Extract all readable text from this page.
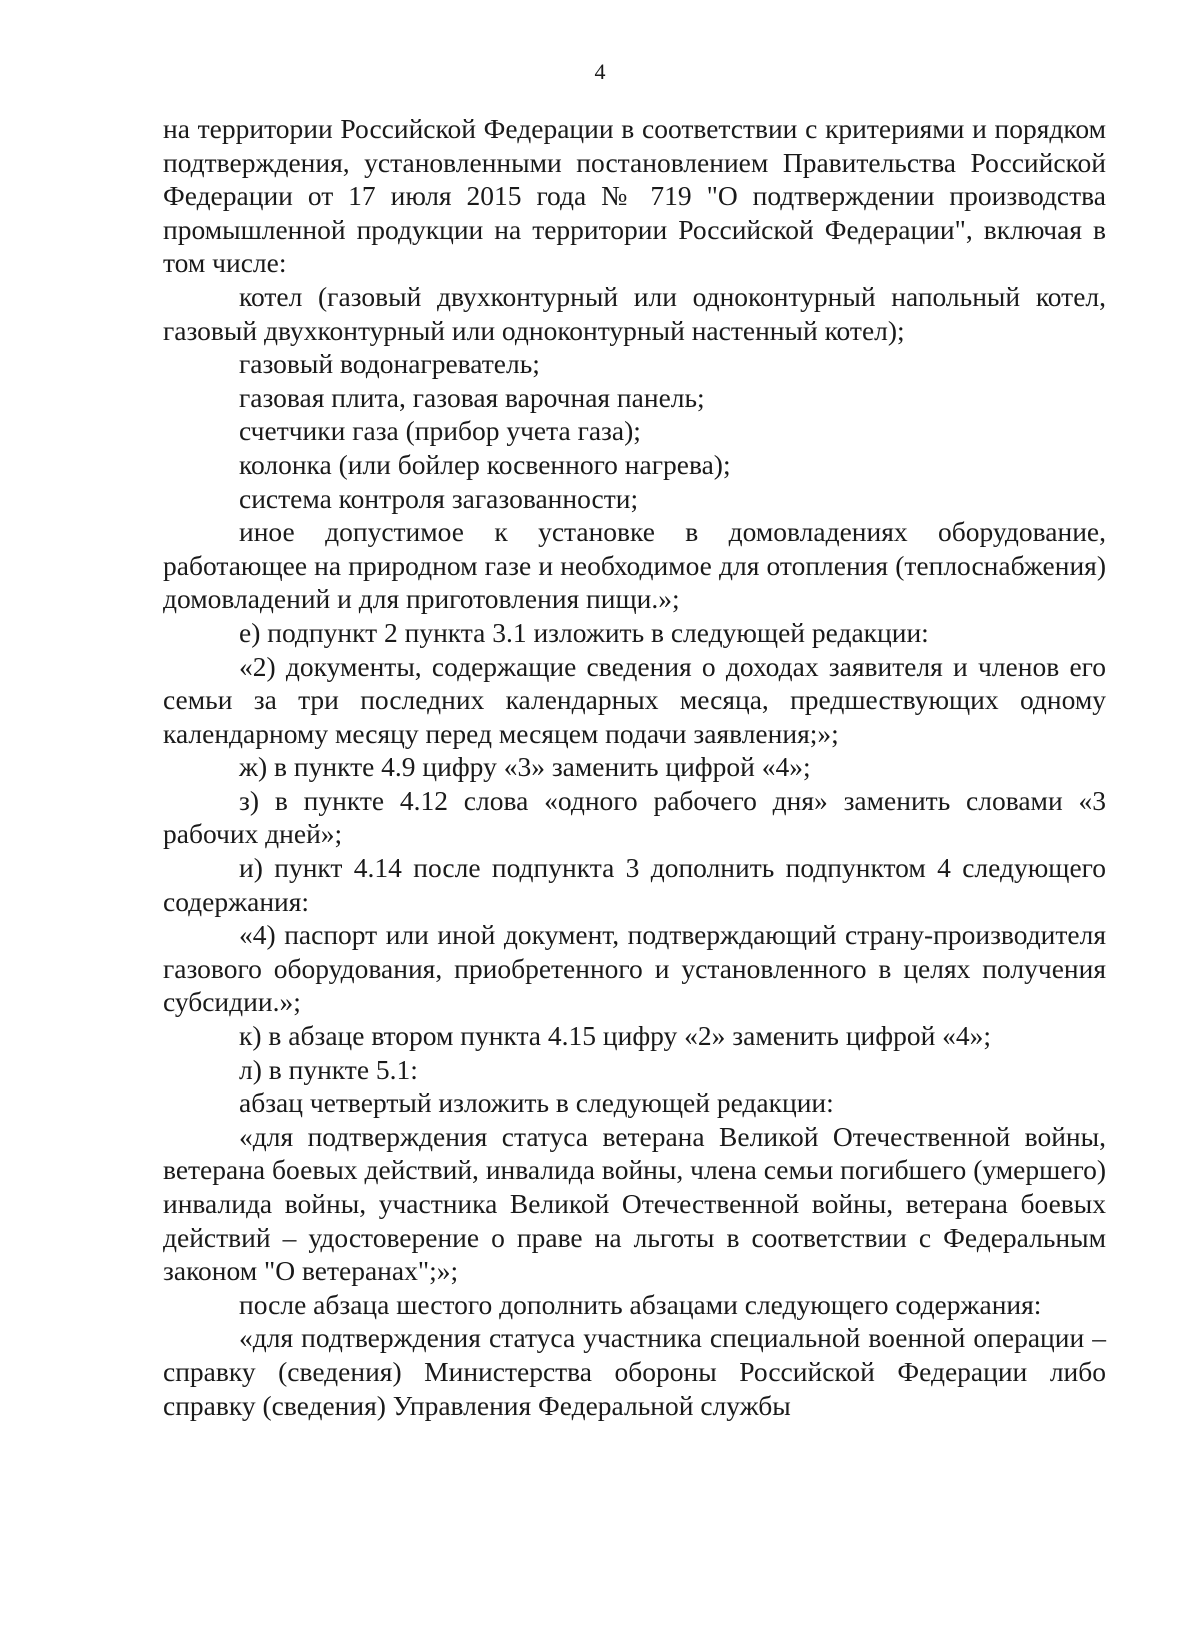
4

на территории Российской Федерации в соответствии с критериями и порядком подтверждения, установленными постановлением Правительства Российской Федерации от 17 июля 2015 года № 719 "О подтверждении производства промышленной продукции на территории Российской Федерации", включая в том числе:

котел (газовый двухконтурный или одноконтурный напольный котел, газовый двухконтурный или одноконтурный настенный котел);

газовый водонагреватель;

газовая плита, газовая варочная панель;

счетчики газа (прибор учета газа);

колонка (или бойлер косвенного нагрева);

система контроля загазованности;

иное допустимое к установке в домовладениях оборудование, работающее на природном газе и необходимое для отопления (теплоснабжения) домовладений и для приготовления пищи.»;

е) подпункт 2 пункта 3.1 изложить в следующей редакции:

«2) документы, содержащие сведения о доходах заявителя и членов его семьи за три последних календарных месяца, предшествующих одному календарному месяцу перед месяцем подачи заявления;»;

ж) в пункте 4.9 цифру «3» заменить цифрой «4»;

з) в пункте 4.12 слова «одного рабочего дня» заменить словами «3 рабочих дней»;

и) пункт 4.14 после подпункта 3 дополнить подпунктом 4 следующего содержания:

«4) паспорт или иной документ, подтверждающий страну-производителя газового оборудования, приобретенного и установленного в целях получения субсидии.»;

к) в абзаце втором пункта 4.15 цифру «2» заменить цифрой «4»;

л) в пункте 5.1:

абзац четвертый изложить в следующей редакции:

«для подтверждения статуса ветерана Великой Отечественной войны, ветерана боевых действий, инвалида войны, члена семьи погибшего (умершего) инвалида войны, участника Великой Отечественной войны, ветерана боевых действий – удостоверение о праве на льготы в соответствии с Федеральным законом "О ветеранах";»;

после абзаца шестого дополнить абзацами следующего содержания:

«для подтверждения статуса участника специальной военной операции – справку (сведения) Министерства обороны Российской Федерации либо справку (сведения) Управления Федеральной службы
